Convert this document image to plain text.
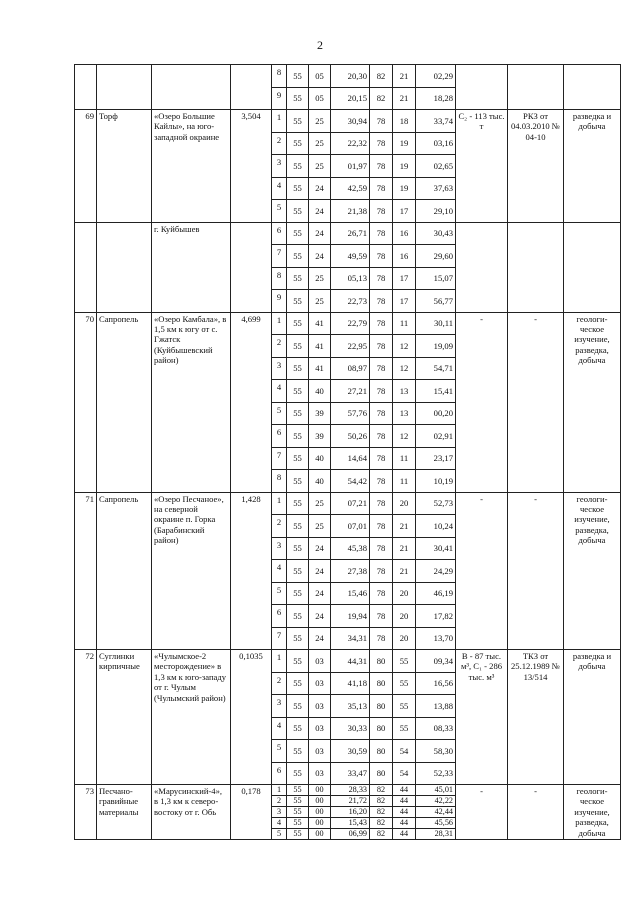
2
				8	55	05	20,30	82	21	02,29			
				9	55	05	20,15	82	21	18,28			
69	Торф	«Озеро Большие Кайлы», на юго-западной окраине	3,504	1	55	25	30,94	78	18	33,74	C₂ - 113 тыс. т	РКЗ от 04.03.2010 № 04-10	разведка и добыча
				2	55	25	22,32	78	19	03,16			
				3	55	25	01,97	78	19	02,65			
				4	55	24	42,59	78	19	37,63			
				5	55	24	21,38	78	17	29,10			
		г. Куйбышев		6	55	24	26,71	78	16	30,43			
				7	55	24	49,59	78	16	29,60			
				8	55	25	05,13	78	17	15,07			
				9	55	25	22,73	78	17	56,77			
70	Сапропель	«Озеро Камбала», в 1,5 км к югу от с. Гжатск (Куйбышевский район)	4,699	1	55	41	22,79	78	11	30,11	-	-	геологи-ческое изучение, разведка, добыча
				2	55	41	22,95	78	12	19,09			
				3	55	41	08,97	78	12	54,71			
				4	55	40	27,21	78	13	15,41			
				5	55	39	57,76	78	13	00,20			
				6	55	39	50,26	78	12	02,91			
				7	55	40	14,64	78	11	23,17			
				8	55	40	54,42	78	11	10,19			
71	Сапропель	«Озеро Песчаное», на северной окраине п. Горка (Барабинский район)	1,428	1	55	25	07,21	78	20	52,73	-	-	геологи-ческое изучение, разведка, добыча
				2	55	25	07,01	78	21	10,24			
				3	55	24	45,38	78	21	30,41			
				4	55	24	27,38	78	21	24,29			
				5	55	24	15,46	78	20	46,19			
				6	55	24	19,94	78	20	17,82			
				7	55	24	34,31	78	20	13,70			
72	Суглинки кирпичные	«Чулымское-2 месторождение» в 1,3 км к юго-западу от г. Чулым (Чулымский район)	0,1035	1	55	03	44,31	80	55	09,34	B - 87 тыс. м³, C₁ - 286 тыс. м³	ТКЗ от 25.12.1989 № 13/514	разведка и добыча
				2	55	03	41,18	80	55	16,56			
				3	55	03	35,13	80	55	13,88			
				4	55	03	30,33	80	55	08,33			
				5	55	03	30,59	80	54	58,30			
				6	55	03	33,47	80	54	52,33			
73	Песчано-гравийные материалы	«Марусинский-4», в 1,3 км к северо-востоку от г. Обь	0,178	1	55	00	28,33	82	44	45,01	-	-	геологи-ческое изучение, разведка, добыча
				2	55	00	21,72	82	44	42,22			
				3	55	00	16,20	82	44	42,44			
				4	55	00	15,43	82	44	45,56			
				5	55	00	06,99	82	44	28,31			
